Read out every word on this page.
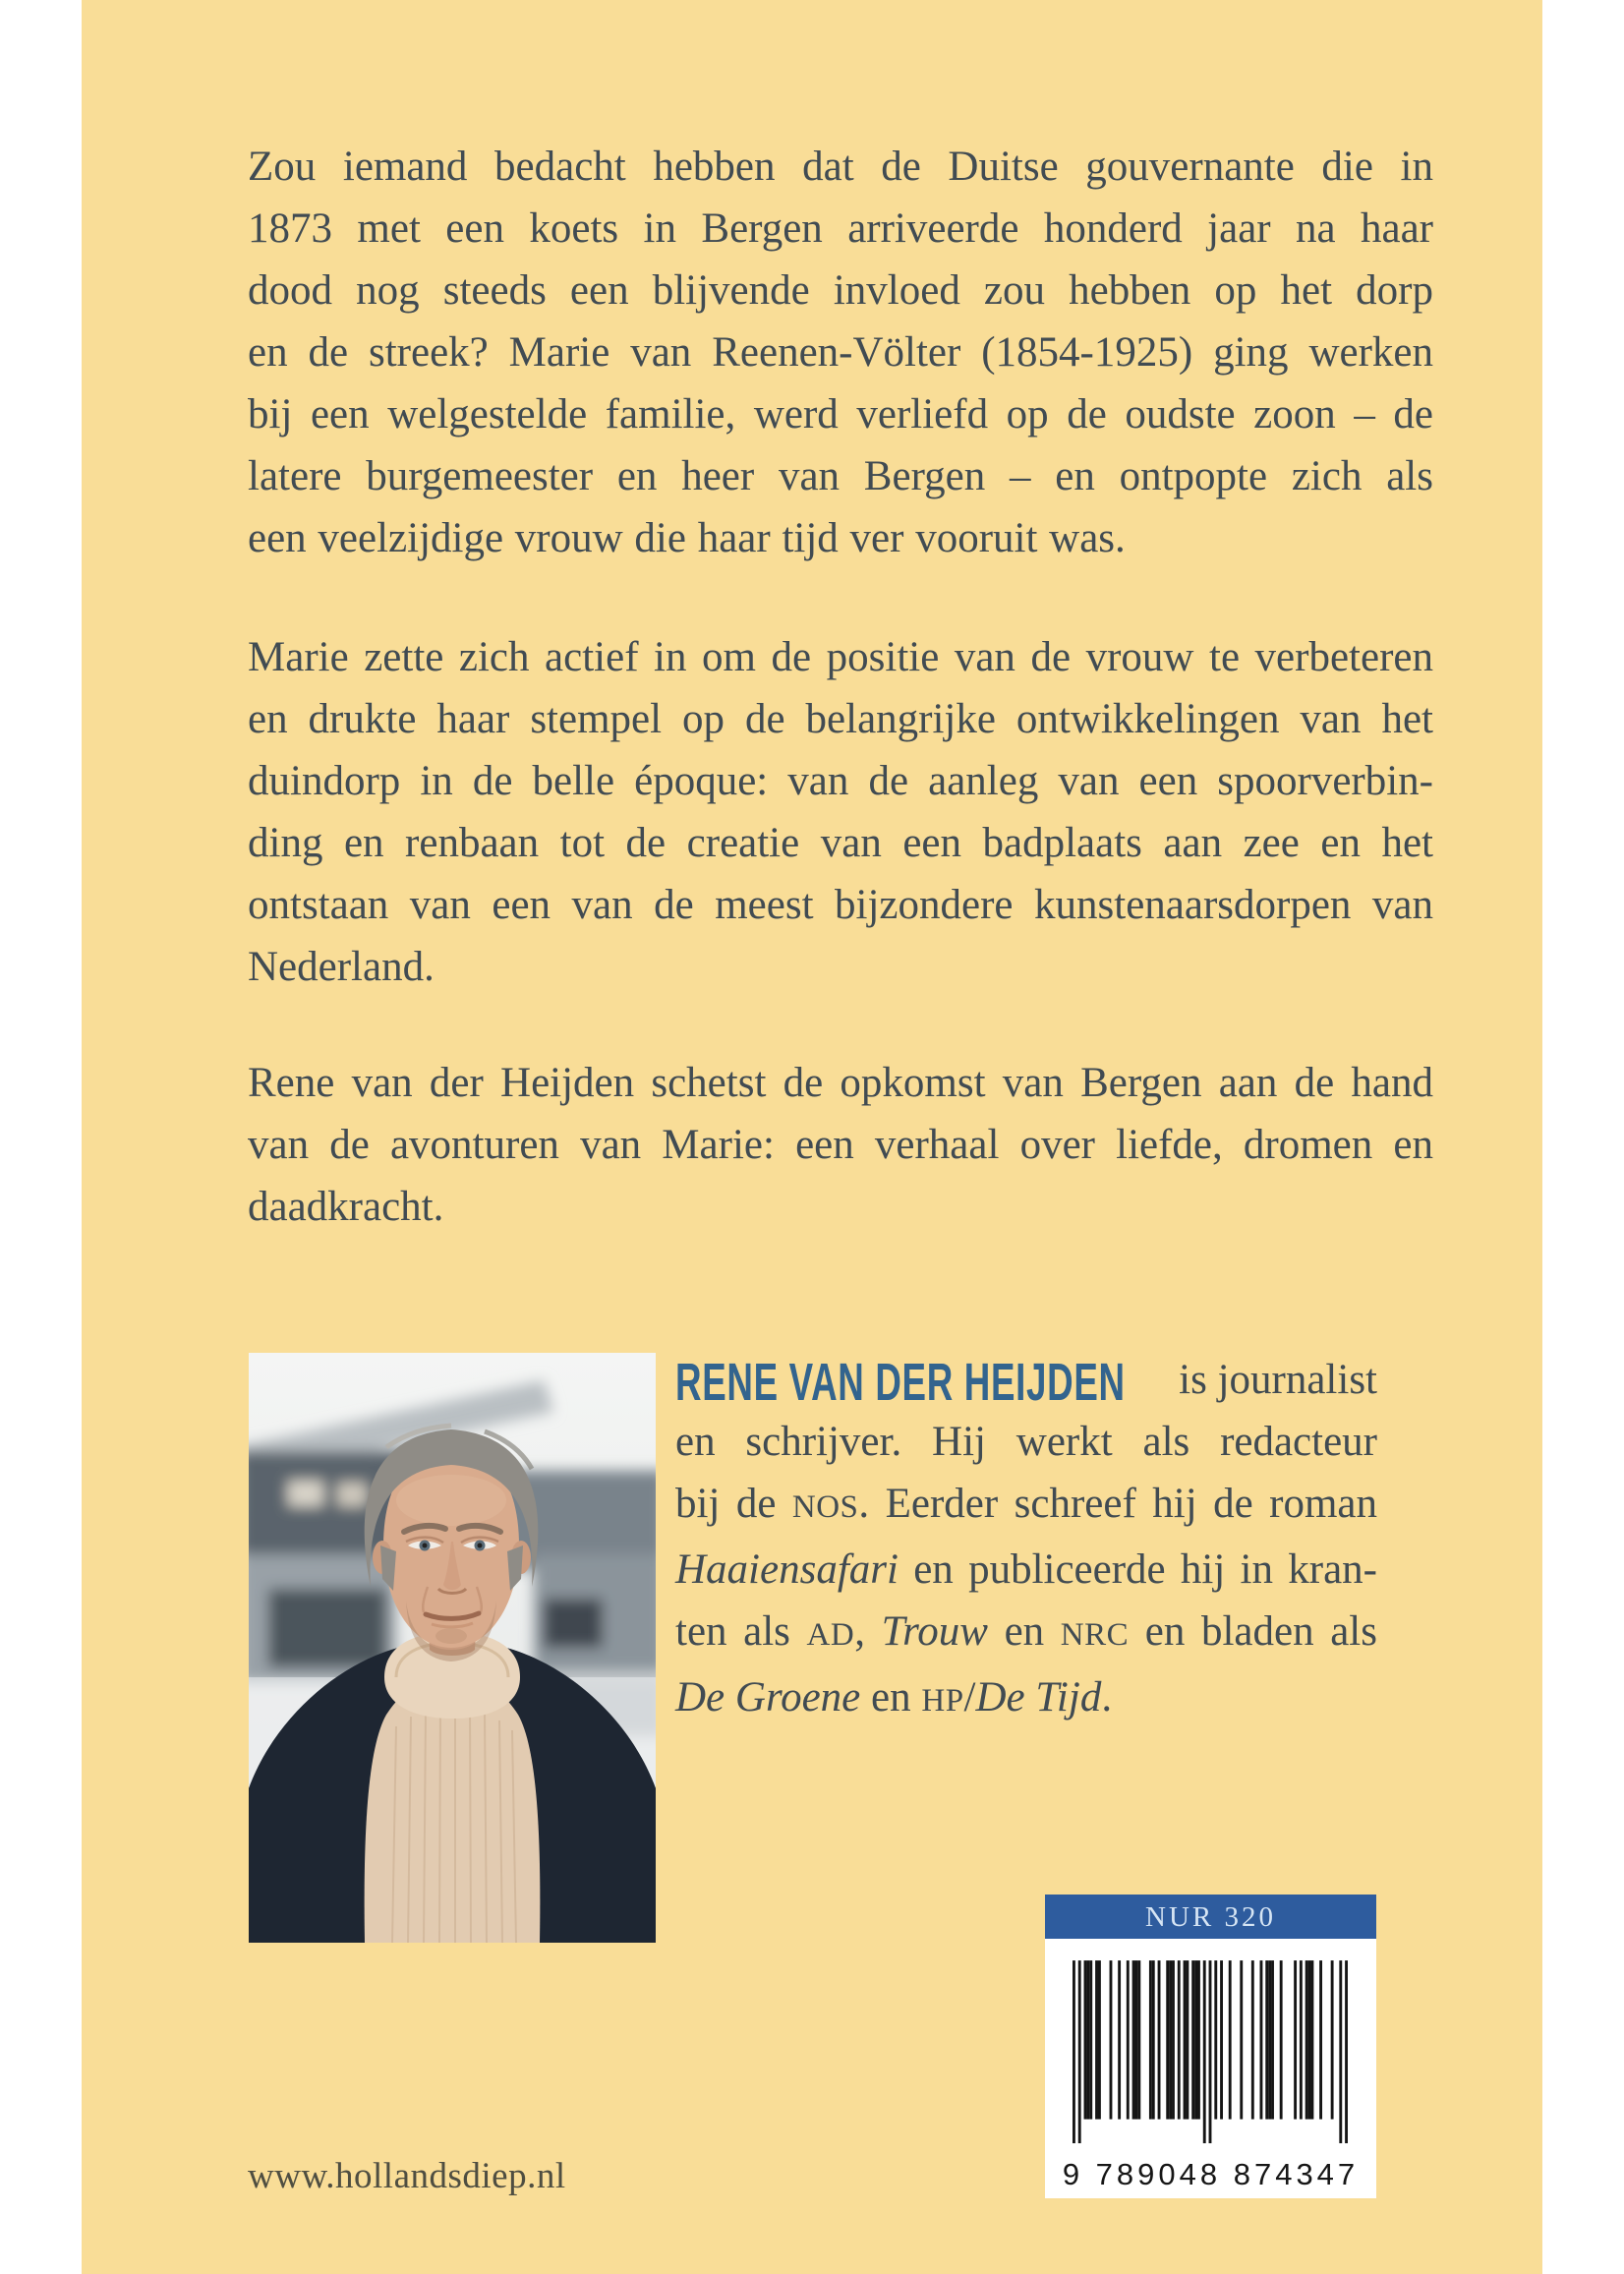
Zou iemand bedacht hebben dat de Duitse gouvernante die in
1873 met een koets in Bergen arriveerde honderd jaar na haar
dood nog steeds een blijvende invloed zou hebben op het dorp
en de streek? Marie van Reenen-Völter (1854-1925) ging werken
bij een welgestelde familie, werd verliefd op de oudste zoon – de
latere burgemeester en heer van Bergen – en ontpopte zich als
een veelzijdige vrouw die haar tijd ver vooruit was.
Marie zette zich actief in om de positie van de vrouw te verbeteren
en drukte haar stempel op de belangrijke ontwikkelingen van het
duindorp in de belle époque: van de aanleg van een spoorverbin-
ding en renbaan tot de creatie van een badplaats aan zee en het
ontstaan van een van de meest bijzondere kunstenaarsdorpen van
Nederland.
Rene van der Heijden schetst de opkomst van Bergen aan de hand
van de avonturen van Marie: een verhaal over liefde, dromen en
daadkracht.
RENE VAN DER HEIJDEN is journalist
en schrijver. Hij werkt als redacteur
bij de NOS. Eerder schreef hij de roman
Haaiensafari en publiceerde hij in kran-
ten als AD, Trouw en NRC en bladen als
De Groene en HP/De Tijd.
NUR 320
9 789048 874347
www.hollandsdiep.nl
